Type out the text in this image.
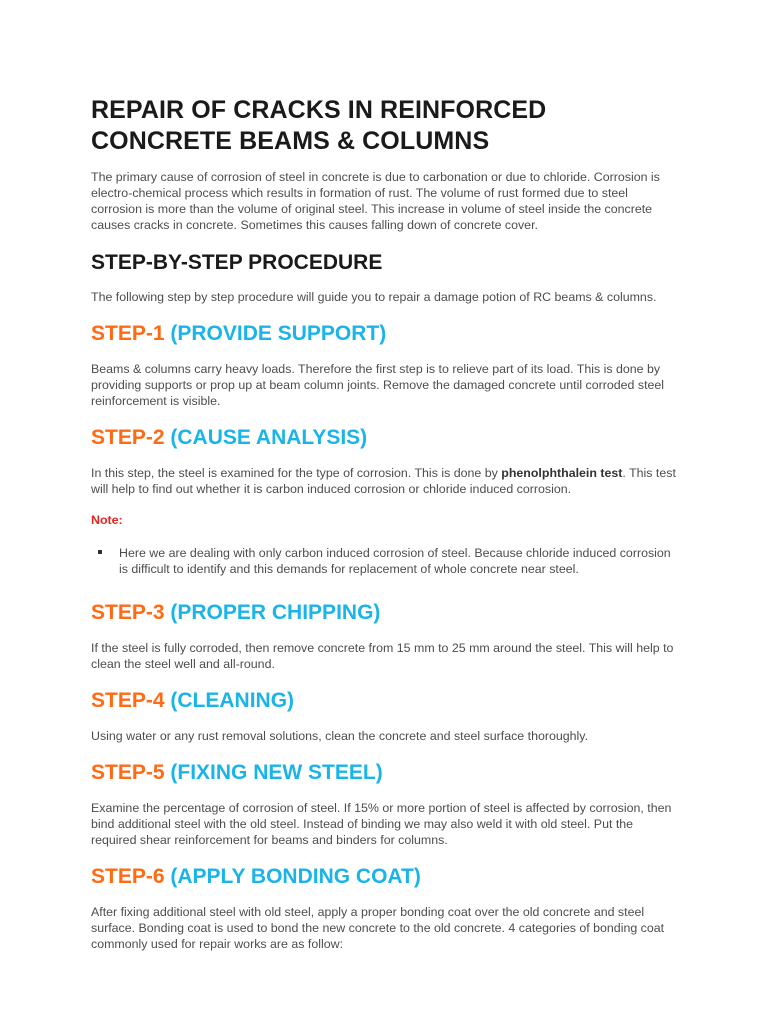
REPAIR OF CRACKS IN REINFORCED
CONCRETE BEAMS & COLUMNS

The primary cause of corrosion of steel in concrete is due to carbonation or due to chloride. Corrosion is electro-chemical process which results in formation of rust. The volume of rust formed due to steel corrosion is more than the volume of original steel. This increase in volume of steel inside the concrete causes cracks in concrete. Sometimes this causes falling down of concrete cover.

STEP-BY-STEP PROCEDURE

The following step by step procedure will guide you to repair a damage potion of RC beams & columns.

STEP-1 (PROVIDE SUPPORT)

Beams & columns carry heavy loads. Therefore the first step is to relieve part of its load. This is done by providing supports or prop up at beam column joints. Remove the damaged concrete until corroded steel reinforcement is visible.

STEP-2 (CAUSE ANALYSIS)

In this step, the steel is examined for the type of corrosion. This is done by phenolphthalein test. This test will help to find out whether it is carbon induced corrosion or chloride induced corrosion.

Note:
Here we are dealing with only carbon induced corrosion of steel. Because chloride induced corrosion is difficult to identify and this demands for replacement of whole concrete near steel.
STEP-3 (PROPER CHIPPING)

If the steel is fully corroded, then remove concrete from 15 mm to 25 mm around the steel. This will help to clean the steel well and all-round.

STEP-4 (CLEANING)

Using water or any rust removal solutions, clean the concrete and steel surface thoroughly.

STEP-5 (FIXING NEW STEEL)

Examine the percentage of corrosion of steel. If 15% or more portion of steel is affected by corrosion, then bind additional steel with the old steel. Instead of binding we may also weld it with old steel. Put the required shear reinforcement for beams and binders for columns.

STEP-6 (APPLY BONDING COAT)

After fixing additional steel with old steel, apply a proper bonding coat over the old concrete and steel surface. Bonding coat is used to bond the new concrete to the old concrete. 4 categories of bonding coat commonly used for repair works are as follow:
